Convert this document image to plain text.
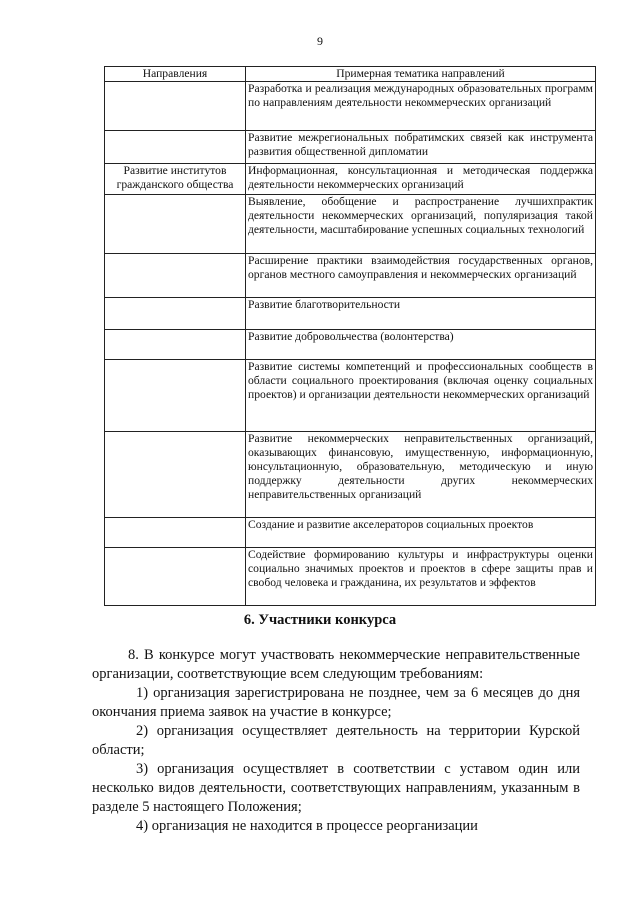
9
Направления	Примерная тематика направлений
	Разработка и реализация международных образовательных программ по направлениям деятельности некоммерческих организаций
	Развитие межрегиональных побратимских связей как инструмента развития общественной дипломатии
Развитие институтов гражданского общества	Информационная, консультационная и методическая поддержка деятельности некоммерческих организаций
	Выявление, обобщение и распространение лучшихпрактик деятельности некоммерческих организаций, популяризация такой деятельности, масштабирование успешных социальных технологий
	Расширение практики взаимодействия государственных органов, органов местного самоуправления и некоммерческих организаций
	Развитие благотворительности
	Развитие добровольчества (волонтерства)
	Развитие системы компетенций и профессиональных сообществ в области социального проектирования (включая оценку социальных проектов) и организации деятельности некоммерческих организаций
	Развитие некоммерческих неправительственных организаций, оказывающих финансовую, имущественную, информационную, юнсультационную, образовательную, методическую и иную поддержку деятельности других некоммерческих неправительственных организаций
	Создание и развитие акселераторов социальных проектов
	Содействие формированию культуры и инфраструктуры оценки социально значимых проектов и проектов в сфере защиты прав и свобод человека и гражданина, их результатов и эффектов
6. Участники конкурса

8. В конкурсе могут участвовать некоммерческие неправительственные организации, соответствующие всем следующим требованиям:

1) организация зарегистрирована не позднее, чем за 6 месяцев до дня окончания приема заявок на участие в конкурсе;

2) организация осуществляет деятельность на территории Курской области;

3) организация осуществляет в соответствии с уставом один или несколько видов деятельности, соответствующих направлениям, указанным в разделе 5 настоящего Положения;

4) организация не находится в процессе реорганизации
